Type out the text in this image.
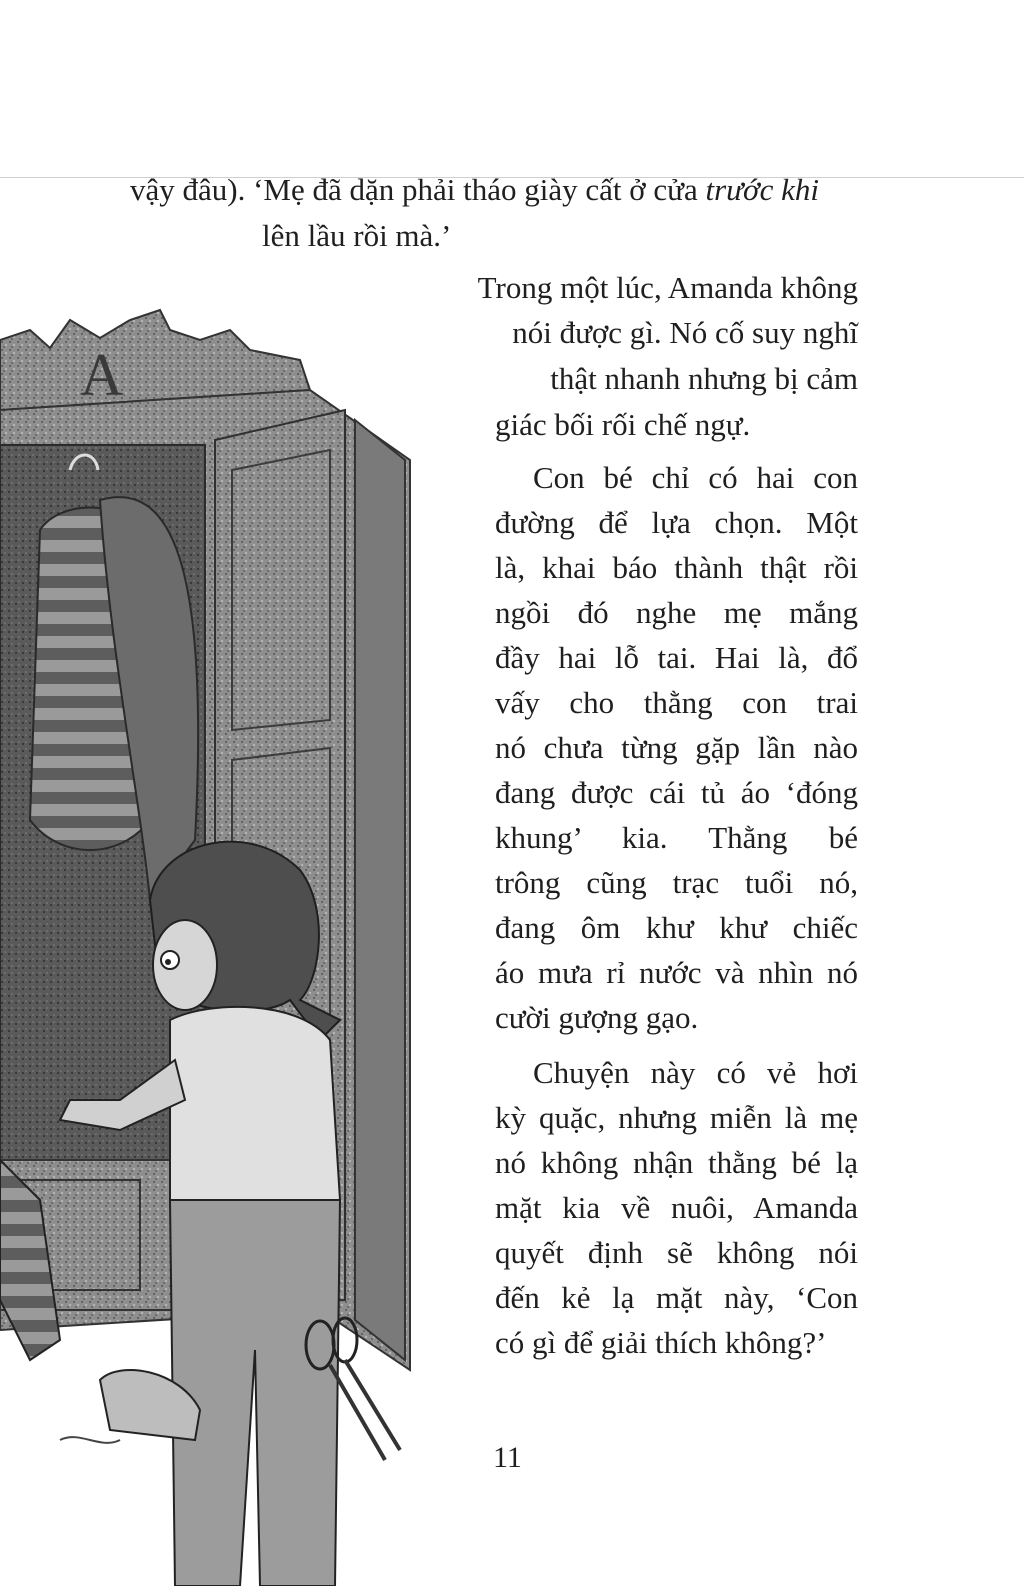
A
vậy đâu). ‘Mẹ đã dặn phải tháo giày cất ở cửa trước khi
lên lầu rồi mà.’
Trong một lúc, Amanda không
nói được gì. Nó cố suy nghĩ
thật nhanh nhưng bị cảm
giác bối rối chế ngự.
Con bé chỉ có hai con
đường để lựa chọn. Một
là, khai báo thành thật rồi
ngồi đó nghe mẹ mắng
đầy hai lỗ tai. Hai là, đổ
vấy cho thằng con trai
nó chưa từng gặp lần nào
đang được cái tủ áo ‘đóng
khung’ kia. Thằng bé
trông cũng trạc tuổi nó,
đang ôm khư khư chiếc
áo mưa rỉ nước và nhìn nó
cười gượng gạo.
Chuyện này có vẻ hơi
kỳ quặc, nhưng miễn là mẹ
nó không nhận thằng bé lạ
mặt kia về nuôi, Amanda
quyết định sẽ không nói
đến kẻ lạ mặt này, ‘Con
có gì để giải thích không?’
11
